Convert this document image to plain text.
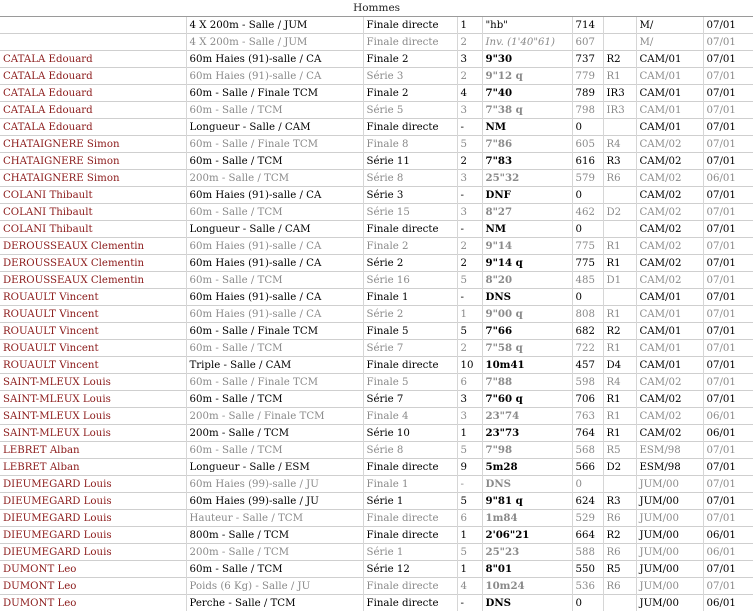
Hommes								
	4 X 200m - Salle / JUM	Finale directe	1	"hb"	714		M/	07/01
	4 X 200m - Salle / JUM	Finale directe	2	Inv. (1'40"61)	607		M/	07/01
CATALA Edouard	60m Haies (91)-salle / CA	Finale 2	3	9"30	737	R2	CAM/01	07/01
CATALA Edouard	60m Haies (91)-salle / CA	Série 3	2	9"12 q	779	R1	CAM/01	07/01
CATALA Edouard	60m - Salle / Finale TCM	Finale 2	4	7"40	789	IR3	CAM/01	07/01
CATALA Edouard	60m - Salle / TCM	Série 5	3	7"38 q	798	IR3	CAM/01	07/01
CATALA Edouard	Longueur - Salle / CAM	Finale directe	-	NM	0		CAM/01	07/01
CHATAIGNERE Simon	60m - Salle / Finale TCM	Finale 8	5	7"86	605	R4	CAM/02	07/01
CHATAIGNERE Simon	60m - Salle / TCM	Série 11	2	7"83	616	R3	CAM/02	07/01
CHATAIGNERE Simon	200m - Salle / TCM	Série 8	3	25"32	579	R6	CAM/02	06/01
COLANI Thibault	60m Haies (91)-salle / CA	Série 3	-	DNF	0		CAM/02	07/01
COLANI Thibault	60m - Salle / TCM	Série 15	3	8"27	462	D2	CAM/02	07/01
COLANI Thibault	Longueur - Salle / CAM	Finale directe	-	NM	0		CAM/02	07/01
DEROUSSEAUX Clementin	60m Haies (91)-salle / CA	Finale 2	2	9"14	775	R1	CAM/02	07/01
DEROUSSEAUX Clementin	60m Haies (91)-salle / CA	Série 2	2	9"14 q	775	R1	CAM/02	07/01
DEROUSSEAUX Clementin	60m - Salle / TCM	Série 16	5	8"20	485	D1	CAM/02	07/01
ROUAULT Vincent	60m Haies (91)-salle / CA	Finale 1	-	DNS	0		CAM/01	07/01
ROUAULT Vincent	60m Haies (91)-salle / CA	Série 2	1	9"00 q	808	R1	CAM/01	07/01
ROUAULT Vincent	60m - Salle / Finale TCM	Finale 5	5	7"66	682	R2	CAM/01	07/01
ROUAULT Vincent	60m - Salle / TCM	Série 7	2	7"58 q	722	R1	CAM/01	07/01
ROUAULT Vincent	Triple - Salle / CAM	Finale directe	10	10m41	457	D4	CAM/01	07/01
SAINT-MLEUX Louis	60m - Salle / Finale TCM	Finale 5	6	7"88	598	R4	CAM/02	07/01
SAINT-MLEUX Louis	60m - Salle / TCM	Série 7	3	7"60 q	706	R1	CAM/02	07/01
SAINT-MLEUX Louis	200m - Salle / Finale TCM	Finale 4	3	23"74	763	R1	CAM/02	06/01
SAINT-MLEUX Louis	200m - Salle / TCM	Série 10	1	23"73	764	R1	CAM/02	06/01
LEBRET Alban	60m - Salle / TCM	Série 8	5	7"98	568	R5	ESM/98	07/01
LEBRET Alban	Longueur - Salle / ESM	Finale directe	9	5m28	566	D2	ESM/98	07/01
DIEUMEGARD Louis	60m Haies (99)-salle / JU	Finale 1	-	DNS	0		JUM/00	07/01
DIEUMEGARD Louis	60m Haies (99)-salle / JU	Série 1	5	9"81 q	624	R3	JUM/00	07/01
DIEUMEGARD Louis	Hauteur - Salle / TCM	Finale directe	6	1m84	529	R6	JUM/00	07/01
DIEUMEGARD Louis	800m - Salle / TCM	Finale directe	1	2'06"21	664	R2	JUM/00	06/01
DIEUMEGARD Louis	200m - Salle / TCM	Série 1	5	25"23	588	R6	JUM/00	06/01
DUMONT Leo	60m - Salle / TCM	Série 12	1	8"01	550	R5	JUM/00	07/01
DUMONT Leo	Poids (6 Kg) - Salle / JU	Finale directe	4	10m24	536	R6	JUM/00	07/01
DUMONT Leo	Perche - Salle / TCM	Finale directe	-	DNS	0		JUM/00	06/01
